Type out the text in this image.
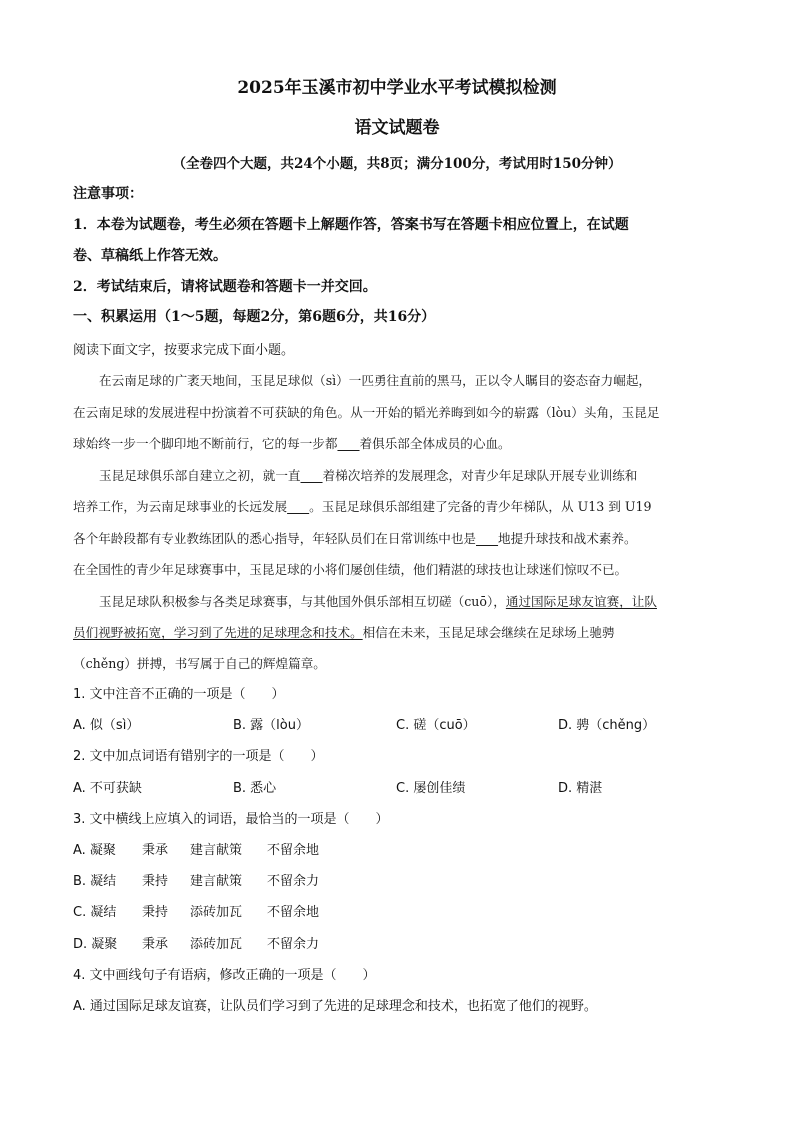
2025年玉溪市初中学业水平考试模拟检测
语文试题卷
（全卷四个大题，共24个小题，共8页；满分100分，考试用时150分钟）
注意事项：
1．本卷为试题卷，考生必须在答题卡上解题作答，答案书写在答题卡相应位置上，在试题
卷、草稿纸上作答无效。
2．考试结束后，请将试题卷和答题卡一并交回。
一、积累运用（1～5题，每题2分，第6题6分，共16分）
阅读下面文字，按要求完成下面小题。
在云南足球的广袤天地间，玉昆足球似（sì）一匹勇往直前的黑马，正以令人瞩目的姿态奋力崛起，
在云南足球的发展进程中扮演着不可获缺的角色。从一开始的韬光养晦到如今的崭露（lòu）头角，玉昆足
球始终一步一个脚印地不断前行，它的每一步都    着俱乐部全体成员的心血。
玉昆足球俱乐部自建立之初，就一直    着梯次培养的发展理念，对青少年足球队开展专业训练和
培养工作，为云南足球事业的长远发展    。玉昆足球俱乐部组建了完备的青少年梯队，从 U13 到 U19
各个年龄段都有专业教练团队的悉心指导，年轻队员们在日常训练中也是    地提升球技和战术素养。
在全国性的青少年足球赛事中，玉昆足球的小将们屡创佳绩，他们精湛的球技也让球迷们惊叹不已。
玉昆足球队积极参与各类足球赛事，与其他国外俱乐部相互切磋（cuō），通过国际足球友谊赛，让队
员们视野被拓宽，学习到了先进的足球理念和技术。相信在未来，玉昆足球会继续在足球场上驰骋
（chěng）拼搏，书写属于自己的辉煌篇章。
1. 文中注音不正确的一项是（　　）
A. 似（sì）	B. 露（lòu）	C. 磋（cuō）	D. 骋（chěng）
2. 文中加点词语有错别字的一项是（　　）
A. 不可获缺	B. 悉心	C. 屡创佳绩	D. 精湛
3. 文中横线上应填入的词语，最恰当的一项是（　　）
A. 凝聚 秉承 建言献策 不留余地
B. 凝结 秉持 建言献策 不留余力
C. 凝结 秉持 添砖加瓦 不留余地
D. 凝聚 秉承 添砖加瓦 不留余力
4. 文中画线句子有语病，修改正确的一项是（　　）
A. 通过国际足球友谊赛，让队员们学习到了先进的足球理念和技术，也拓宽了他们的视野。
